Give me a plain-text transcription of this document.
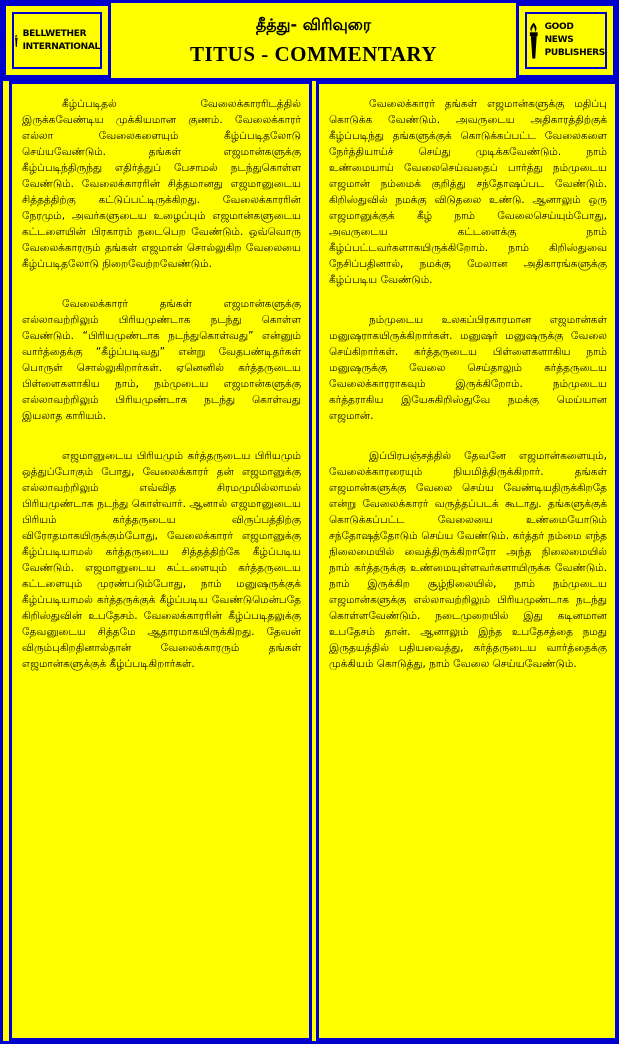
BELLWETHER
INTERNATIONAL
தீத்து- விரிவுரை
TITUS - COMMENTARY
GOOD NEWS
PUBLISHERS

கீழ்ப்படிதல் வேலைக்காரரிடத்தில் இருக்கவேண்டிய முக்கியமான குணம். வேலைக்காரர் எல்லா வேலைகளையும் கீழ்ப்படிதலோடு செய்யவேண்டும். தங்கள் எஜமான்களுக்கு கீழ்ப்படிந்திருந்து எதிர்த்துப் பேசாமல் நடந்துகொள்ள வேண்டும். வேலைக்காரரின் சித்தமானது எஜமானுடைய சித்தத்திற்கு கட்டுப்பட்டிருக்கிறது. வேலைக்காரரின் நேரமும், அவர்களுடைய உழைப்பும் எஜமான்களுடைய கட்டளையின் பிரகாரம் நடைபெற வேண்டும். ஒவ்வொரு வேலைக்காரரும் தங்கள் எஜமான் சொல்லுகிற வேலையை கீழ்ப்படிதலோடு நிறைவேற்றவேண்டும்.

வேலைக்காரர் தங்கள் எஜமான்களுக்கு எல்லாவற்றிலும் பிரியமுண்டாக நடந்து கொள்ள வேண்டும். “பிரியமுண்டாக நடந்துகொள்வது” என்னும் வார்த்தைக்கு “கீழ்ப்படிவது” என்று வேதபண்டிதர்கள் பொருள் சொல்லுகிறார்கள். ஏனெனில் கர்த்தருடைய பிள்ளைகளாகிய நாம், நம்முடைய எஜமான்களுக்கு எல்லாவற்றிலும் பிரியமுண்டாக நடந்து கொள்வது இயலாத காரியம்.

எஜமானுடைய பிரியமும் கர்த்தருடைய பிரியமும் ஒத்துப்போகும் போது, வேலைக்காரர் தன் எஜமானுக்கு எல்லாவற்றிலும் எவ்வித சிரமமுமில்லாமல் பிரியமுண்டாக நடந்து கொள்வார். ஆனால் எஜமானுடைய பிரியம் கர்த்தருடைய விருப்பத்திற்கு விரோதமாகயிருக்கும்போது, வேலைக்காரர் எஜமானுக்கு கீழ்ப்படியாமல் கர்த்தருடைய சித்தத்திற்கே கீழ்ப்படிய வேண்டும். எஜமானுடைய கட்டளையும் கர்த்தருடைய கட்டளையும் முரண்படும்போது, நாம் மனுஷருக்குக் கீழ்ப்படியாமல் கர்த்தருக்குக் கீழ்ப்படிய வேண்டுமென்பதே கிறிஸ்துவின் உபதேசம். வேலைக்காரரின் கீழ்ப்படிதலுக்கு தேவனுடைய சித்தமே ஆதாரமாகயிருக்கிறது. தேவன் விரும்புகிறதினால்தான் வேலைக்காரரும் தங்கள் எஜமான்களுக்குக் கீழ்ப்படிகிறார்கள்.

வேலைக்காரர் தங்கள் எஜமான்களுக்கு மதிப்பு கொடுக்க வேண்டும். அவருடைய அதிகாரத்திற்குக் கீழ்ப்படிந்து தங்களுக்குக் கொடுக்கப்பட்ட வேலைகளை நேர்த்தியாய்ச் செய்து முடிக்கவேண்டும். நாம் உண்மையாய் வேலைசெய்வதைப் பார்த்து நம்முடைய எஜமான் நம்மைக் குறித்து சந்தோஷப்பட வேண்டும். கிறிஸ்துவில் நமக்கு விடுதலை உண்டு. ஆனாலும் ஒரு எஜமானுக்குக் கீழ் நாம் வேலைசெய்யும்போது, அவருடைய கட்டளைக்கு நாம் கீழ்ப்பட்டவர்களாகயிருக்கிறோம். நாம் கிறிஸ்துவை நேசிப்பதினால், நமக்கு மேலான அதிகாரங்களுக்கு கீழ்ப்படிய வேண்டும்.

நம்முடைய உலகப்பிரகாரமான எஜமான்கள் மனுஷராகயிருக்கிறார்கள். மனுஷர் மனுஷருக்கு வேலை செய்கிறார்கள். கர்த்தருடைய பிள்ளைகளாகிய நாம் மனுஷருக்கு வேலை செய்தாலும் கர்த்தருடைய வேலைக்காரராகவும் இருக்கிறோம். நம்முடைய கர்த்தராகிய இயேசுகிறிஸ்துவே நமக்கு மெய்யான எஜமான்.

இப்பிரபஞ்சத்தில் தேவனே எஜமான்களையும், வேலைக்காரரையும் நியமித்திருக்கிறார். தங்கள் எஜமான்களுக்கு வேலை செய்ய வேண்டியதிருக்கிறதே என்று வேலைக்காரர் வருத்தப்படக் கூடாது. தங்களுக்குக் கொடுக்கப்பட்ட வேலையை உண்மையோடும் சந்தோஷத்தோடும் செய்ய வேண்டும். கர்த்தர் நம்மை எந்த நிலைமையில் வைத்திருக்கிறாரோ அந்த நிலைமையில் நாம் கர்த்தருக்கு உண்மையுள்ளவர்களாயிருக்க வேண்டும். நாம் இருக்கிற சூழ்நிலையில், நாம் நம்முடைய எஜமான்களுக்கு எல்லாவற்றிலும் பிரியமுண்டாக நடந்து கொள்ளவேண்டும். நடைமுறையில் இது கடினமான உபதேசம் தான். ஆனாலும் இந்த உபதேசத்தை நமது இருதயத்தில் பதியவைத்து, கர்த்தருடைய வார்த்தைக்கு முக்கியம் கொடுத்து, நாம் வேலை செய்யவேண்டும்.
